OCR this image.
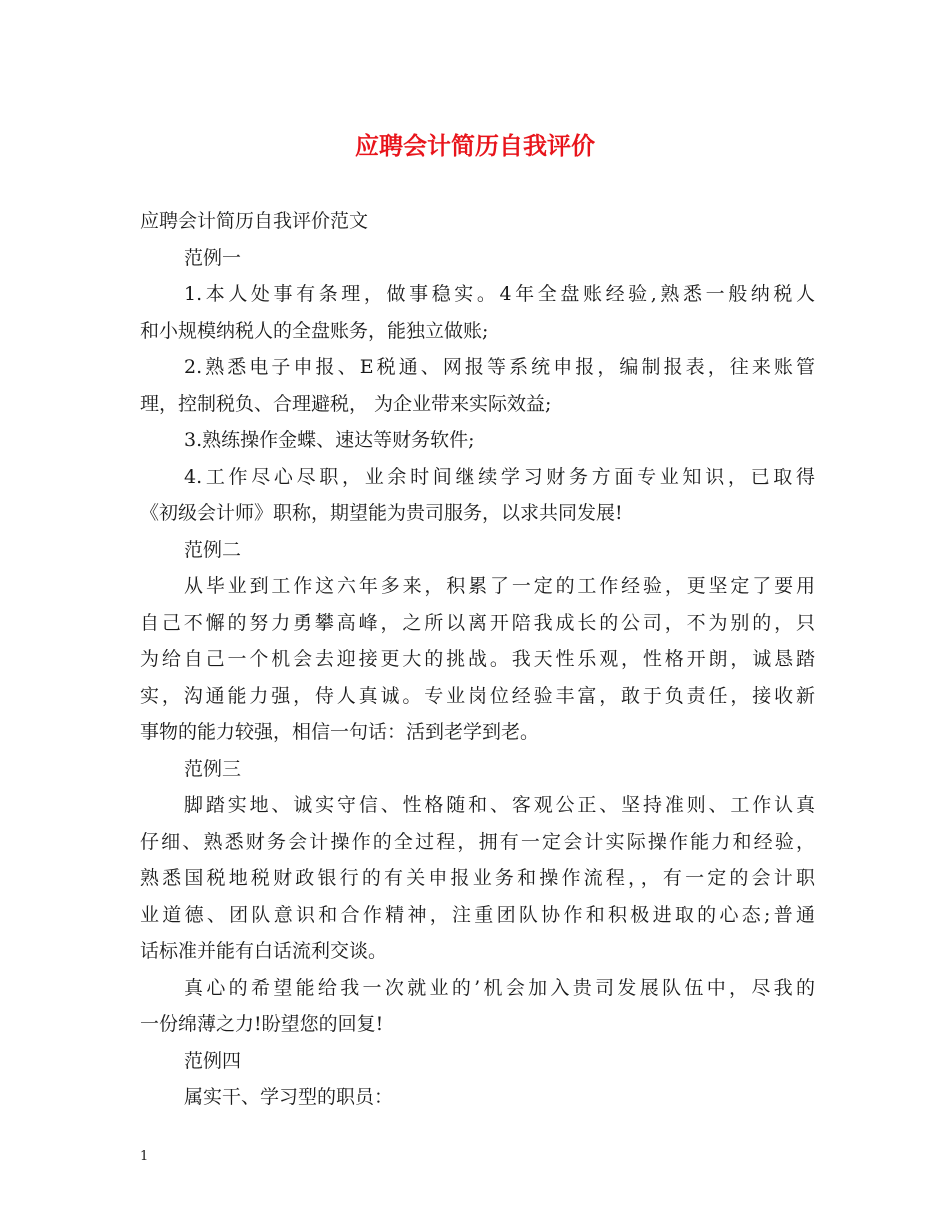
应聘会计简历自我评价
应聘会计简历自我评价范文
范例一
1.本人处事有条理，做事稳实。4年全盘账经验,熟悉一般纳税人
和小规模纳税人的全盘账务，能独立做账;
2.熟悉电子申报、E税通、网报等系统申报，编制报表，往来账管
理，控制税负、合理避税， 为企业带来实际效益;
3.熟练操作金蝶、速达等财务软件;
4.工作尽心尽职，业余时间继续学习财务方面专业知识，已取得
《初级会计师》职称，期望能为贵司服务，以求共同发展!
范例二
从毕业到工作这六年多来，积累了一定的工作经验，更坚定了要用
自己不懈的努力勇攀高峰，之所以离开陪我成长的公司，不为别的，只
为给自己一个机会去迎接更大的挑战。我天性乐观，性格开朗，诚恳踏
实，沟通能力强，侍人真诚。专业岗位经验丰富，敢于负责任，接收新
事物的能力较强，相信一句话：活到老学到老。
范例三
脚踏实地、诚实守信、性格随和、客观公正、坚持准则、工作认真
仔细、熟悉财务会计操作的全过程，拥有一定会计实际操作能力和经验，
熟悉国税地税财政银行的有关申报业务和操作流程，，有一定的会计职
业道德、团队意识和合作精神，注重团队协作和积极进取的心态;普通
话标准并能有白话流利交谈。
真心的希望能给我一次就业的’机会加入贵司发展队伍中，尽我的
一份绵薄之力!盼望您的回复!
范例四
属实干、学习型的职员：
1
